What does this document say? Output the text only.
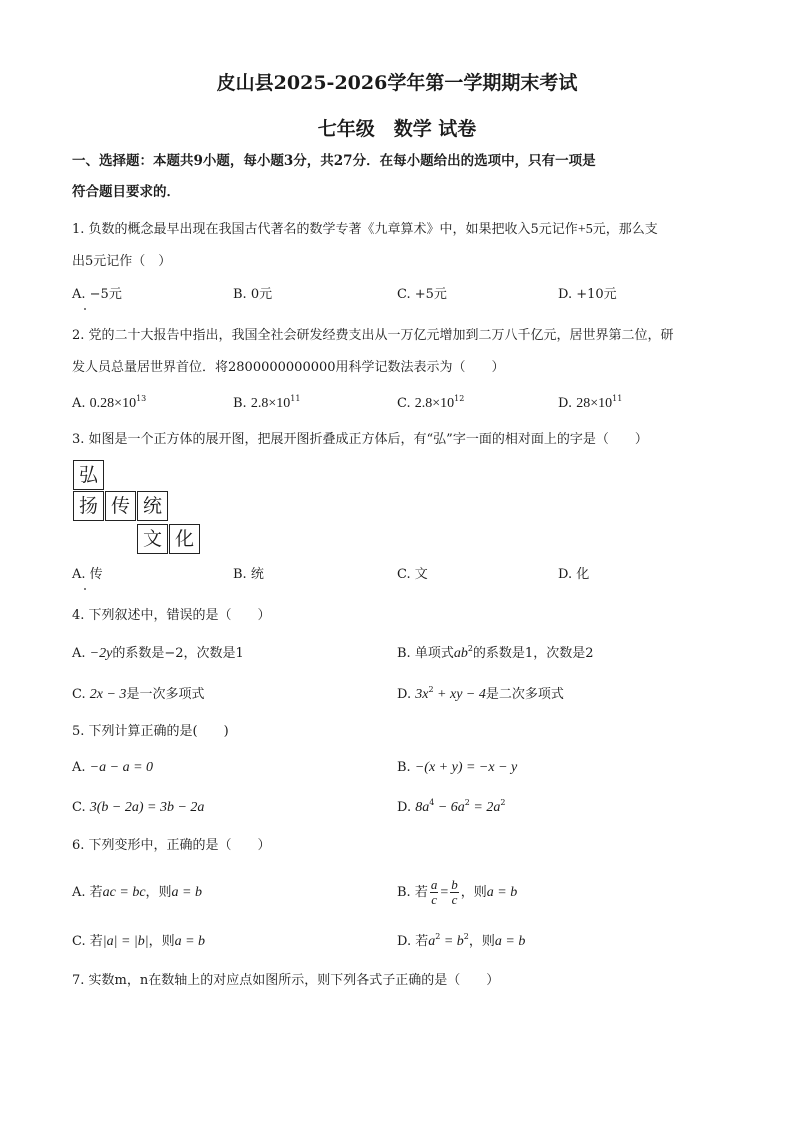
皮山县2025-2026学年第一学期期末考试
七年级　数学 试卷
一、选择题：本题共9小题，每小题3分，共27分．在每小题给出的选项中，只有一项是
符合题目要求的．
1. 负数的概念最早出现在我国古代著名的数学专著《九章算术》中，如果把收入5元记作+5元，那么支
出5元记作（　）
A. −5元	B. 0元	C. +5元	D. +10元
2. 党的二十大报告中指出，我国全社会研发经费支出从一万亿元增加到二万八千亿元，居世界第二位，研
发人员总量居世界首位．将2800000000000用科学记数法表示为（　　）
A. $0.28\times 10^{13}$	B. $2.8\times 10^{11}$	C. $2.8\times 10^{12}$	D. $28\times 10^{11}$
3. 如图是一个正方体的展开图，把展开图折叠成正方体后，有“弘”字一面的相对面上的字是（　　）
弘
扬 传 统
文 化
A. 传	B. 统	C. 文	D. 化
4. 下列叙述中，错误的是（　　）
A. −2y的系数是−2，次数是1	B. 单项式$ab^2$的系数是1，次数是2
C. 2x − 3是一次多项式	D. $3x^2$ + xy − 4是二次多项式
5. 下列计算正确的是(　　)
A. −a − a = 0	B. −(x + y) = −x − y
C. 3(b − 2a) = 3b − 2a	D. $8a^4 - 6a^2 = 2a^2$
6. 下列变形中，正确的是（　　）
A. 若ac = bc，则a = b	B. 若 $\frac{a}{c} = \frac{b}{c}$ ，则a = b
C. 若|a| = |b|，则a = b	D. 若$a^2 = b^2$，则a = b
7. 实数m，n在数轴上的对应点如图所示，则下列各式子正确的是（　　）
